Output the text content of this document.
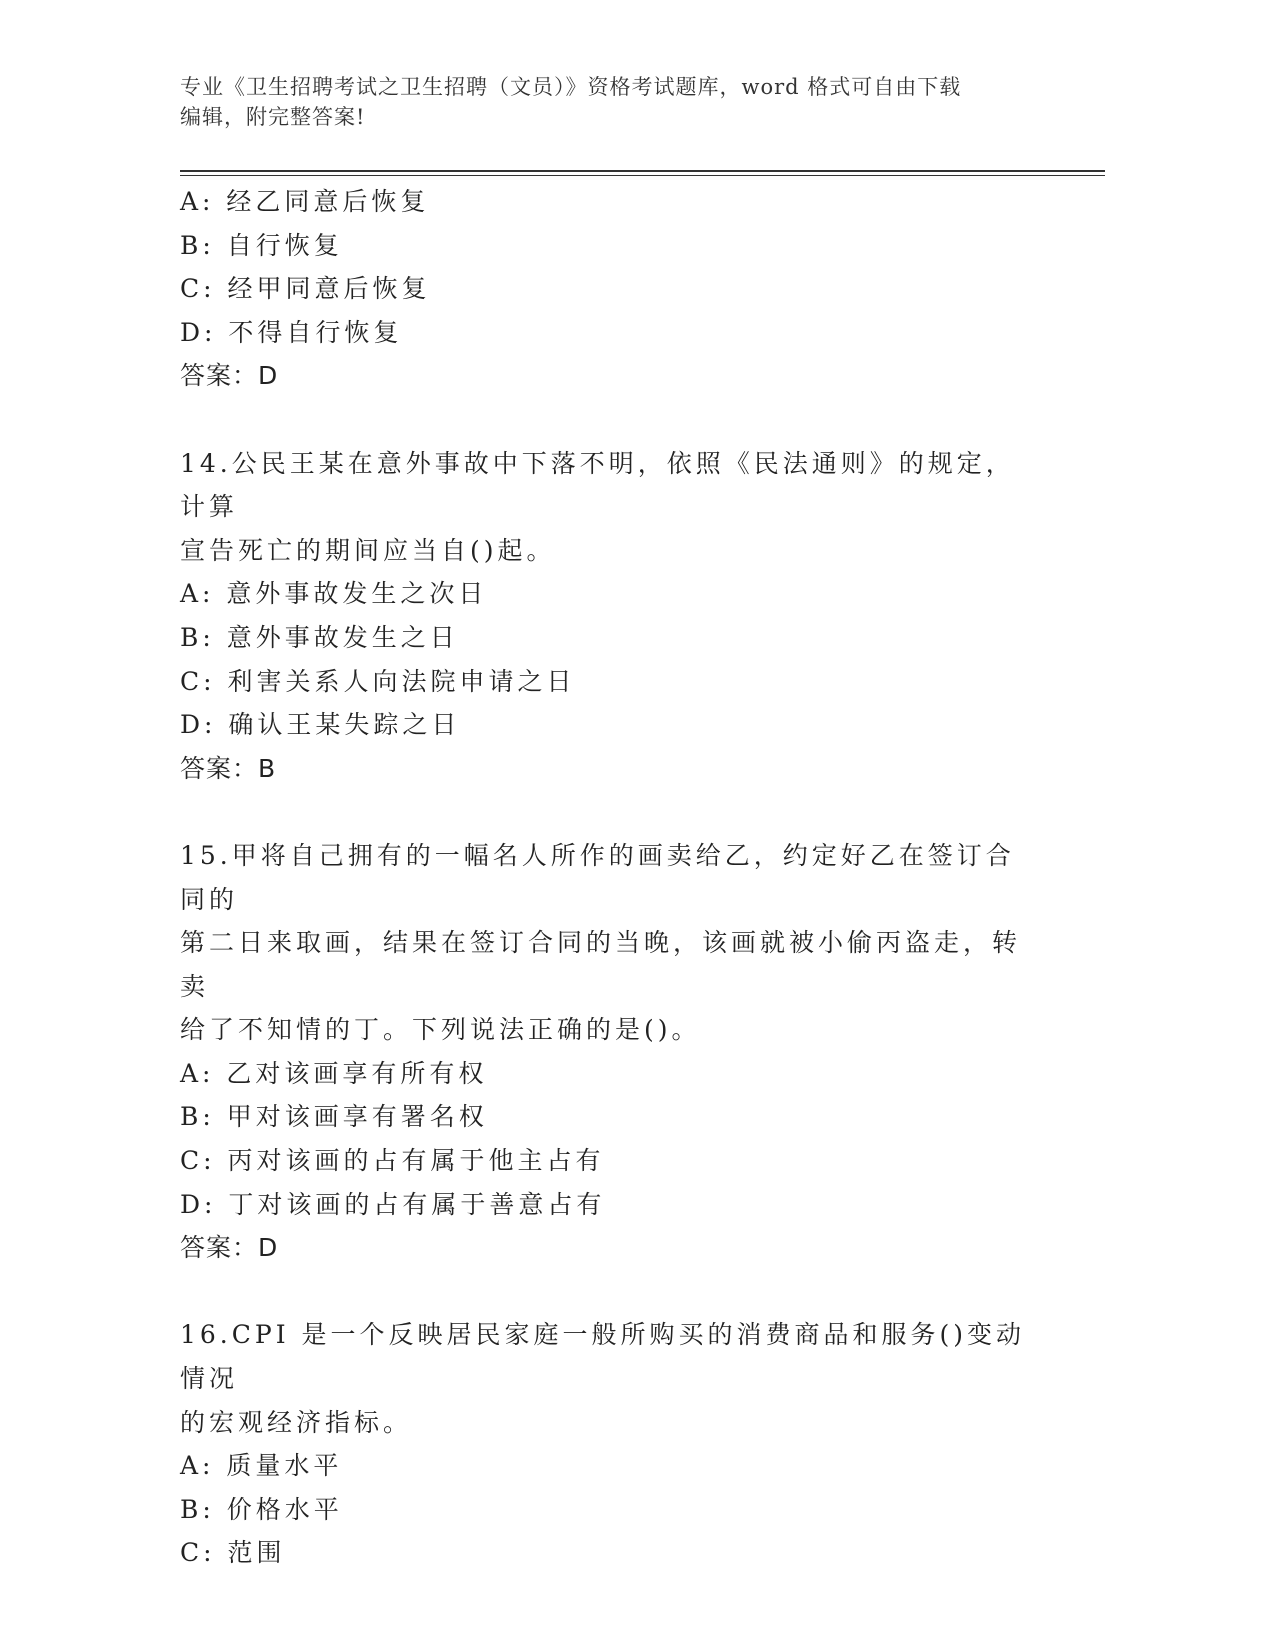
专业《卫生招聘考试之卫生招聘（文员）》资格考试题库，word 格式可自由下载
编辑，附完整答案!
A: 经乙同意后恢复
B: 自行恢复
C: 经甲同意后恢复
D: 不得自行恢复
答案：D
14.公民王某在意外事故中下落不明，依照《民法通则》的规定，计算
宣告死亡的期间应当自()起。
A: 意外事故发生之次日
B: 意外事故发生之日
C: 利害关系人向法院申请之日
D: 确认王某失踪之日
答案：B
15.甲将自己拥有的一幅名人所作的画卖给乙，约定好乙在签订合同的
第二日来取画，结果在签订合同的当晚，该画就被小偷丙盗走，转卖
给了不知情的丁。下列说法正确的是()。
A: 乙对该画享有所有权
B: 甲对该画享有署名权
C: 丙对该画的占有属于他主占有
D: 丁对该画的占有属于善意占有
答案：D
16.CPI 是一个反映居民家庭一般所购买的消费商品和服务()变动情况
的宏观经济指标。
A: 质量水平
B: 价格水平
C: 范围
